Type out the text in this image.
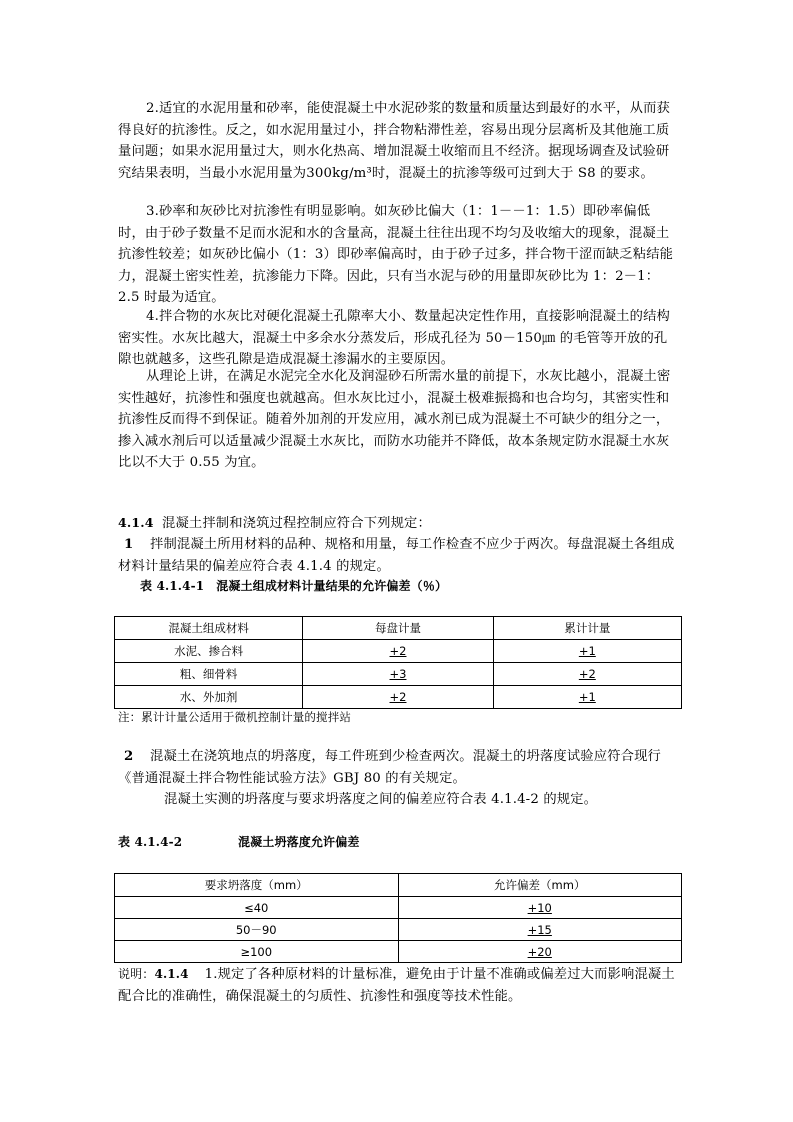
2.适宜的水泥用量和砂率，能使混凝土中水泥砂浆的数量和质量达到最好的水平，从而获得良好的抗渗性。反之，如水泥用量过小，拌合物粘滞性差，容易出现分层离析及其他施工质量问题；如果水泥用量过大，则水化热高、增加混凝土收缩而且不经济。据现场调查及试验研究结果表明，当最小水泥用量为300kg/m³时，混凝土的抗渗等级可过到大于 S8 的要求。
3.砂率和灰砂比对抗渗性有明显影响。如灰砂比偏大（1：1－－1：1.5）即砂率偏低时，由于砂子数量不足而水泥和水的含量高，混凝土往往出现不均匀及收缩大的现象，混凝土抗渗性较差；如灰砂比偏小（1：3）即砂率偏高时，由于砂子过多，拌合物干涩而缺乏粘结能力，混凝土密实性差，抗渗能力下降。因此，只有当水泥与砂的用量即灰砂比为 1：2－1：2.5 时最为适宜。
4.拌合物的水灰比对硬化混凝土孔隙率大小、数量起决定性作用，直接影响混凝土的结构密实性。水灰比越大，混凝土中多余水分蒸发后，形成孔径为 50－150㎛ 的毛管等开放的孔隙也就越多，这些孔隙是造成混凝土渗漏水的主要原因。
从理论上讲，在满足水泥完全水化及润湿砂石所需水量的前提下，水灰比越小，混凝土密实性越好，抗渗性和强度也就越高。但水灰比过小，混凝土极难振捣和也合均匀，其密实性和抗渗性反而得不到保证。随着外加剂的开发应用，减水剂已成为混凝土不可缺少的组分之一，掺入减水剂后可以适量减少混凝土水灰比，而防水功能并不降低，故本条规定防水混凝土水灰比以不大于 0.55 为宜。
4.1.4 混凝土拌制和浇筑过程控制应符合下列规定：
1 拌制混凝土所用材料的品种、规格和用量，每工作检查不应少于两次。每盘混凝土各组成材料计量结果的偏差应符合表 4.1.4 的规定。
表 4.1.4-1 混凝土组成材料计量结果的允许偏差（％）
混凝土组成材料	每盘计量	累计计量
水泥、掺合料	+2	+1
粗、细骨料	+3	+2
水、外加剂	+2	+1
注：累计计量公适用于微机控制计量的搅拌站
2 混凝土在浇筑地点的坍落度，每工件班到少检查两次。混凝土的坍落度试验应符合现行《普通混凝土拌合物性能试验方法》GBJ 80 的有关规定。
混凝土实测的坍落度与要求坍落度之间的偏差应符合表 4.1.4-2 的规定。
表 4.1.4-2	混凝土坍落度允许偏差
要求坍落度（mm）	允许偏差（mm）
≤40	+10
50－90	+15
≥100	+20
说明：4.1.4 1.规定了各种原材料的计量标准，避免由于计量不准确或偏差过大而影响混凝土配合比的准确性，确保混凝土的匀质性、抗渗性和强度等技术性能。
